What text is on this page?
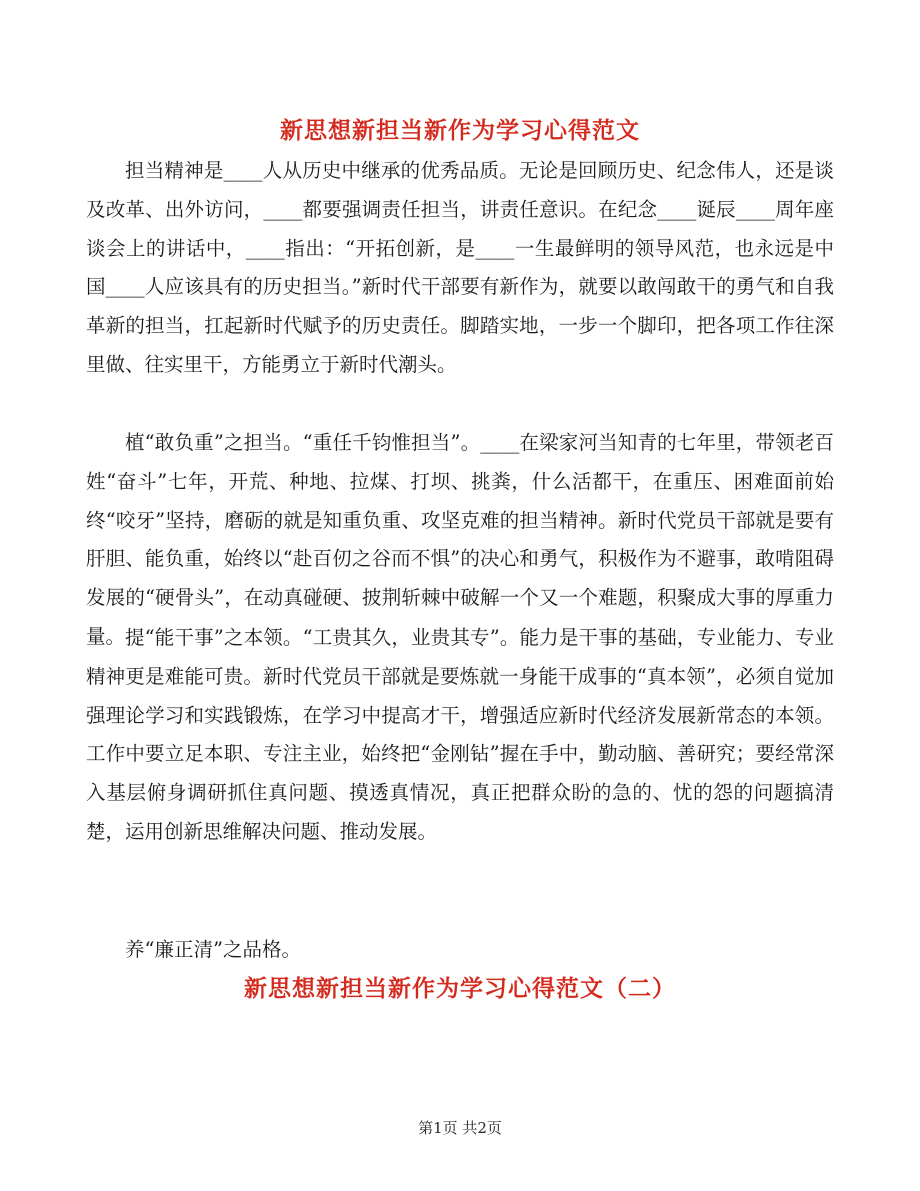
新思想新担当新作为学习心得范文

担当精神是____人从历史中继承的优秀品质。无论是回顾历史、纪念伟人，还是谈及改革、出外访问，____都要强调责任担当，讲责任意识。在纪念____诞辰____周年座谈会上的讲话中，____指出：“开拓创新，是____一生最鲜明的领导风范，也永远是中国____人应该具有的历史担当。”新时代干部要有新作为，就要以敢闯敢干的勇气和自我革新的担当，扛起新时代赋予的历史责任。脚踏实地，一步一个脚印，把各项工作往深里做、往实里干，方能勇立于新时代潮头。

植“敢负重”之担当。“重任千钧惟担当”。____在梁家河当知青的七年里，带领老百姓“奋斗”七年，开荒、种地、拉煤、打坝、挑粪，什么活都干，在重压、困难面前始终“咬牙”坚持，磨砺的就是知重负重、攻坚克难的担当精神。新时代党员干部就是要有肝胆、能负重，始终以“赴百仞之谷而不惧”的决心和勇气，积极作为不避事，敢啃阻碍发展的“硬骨头”，在动真碰硬、披荆斩棘中破解一个又一个难题，积聚成大事的厚重力量。 提“能干事”之本领。“工贵其久，业贵其专”。能力是干事的基础，专业能力、专业精神更是难能可贵。新时代党员干部就是要炼就一身能干成事的“真本领”，必须自觉加强理论学习和实践锻炼，在学习中提高才干，增强适应新时代经济发展新常态的本领。工作中要立足本职、专注主业，始终把“金刚钻”握在手中，勤动脑、善研究；要经常深入基层俯身调研抓住真问题、摸透真情况，真正把群众盼的急的、忧的怨的问题搞清楚，运用创新思维解决问题、推动发展。

养“廉正清”之品格。

新思想新担当新作为学习心得范文（二）
第1页 共2页
